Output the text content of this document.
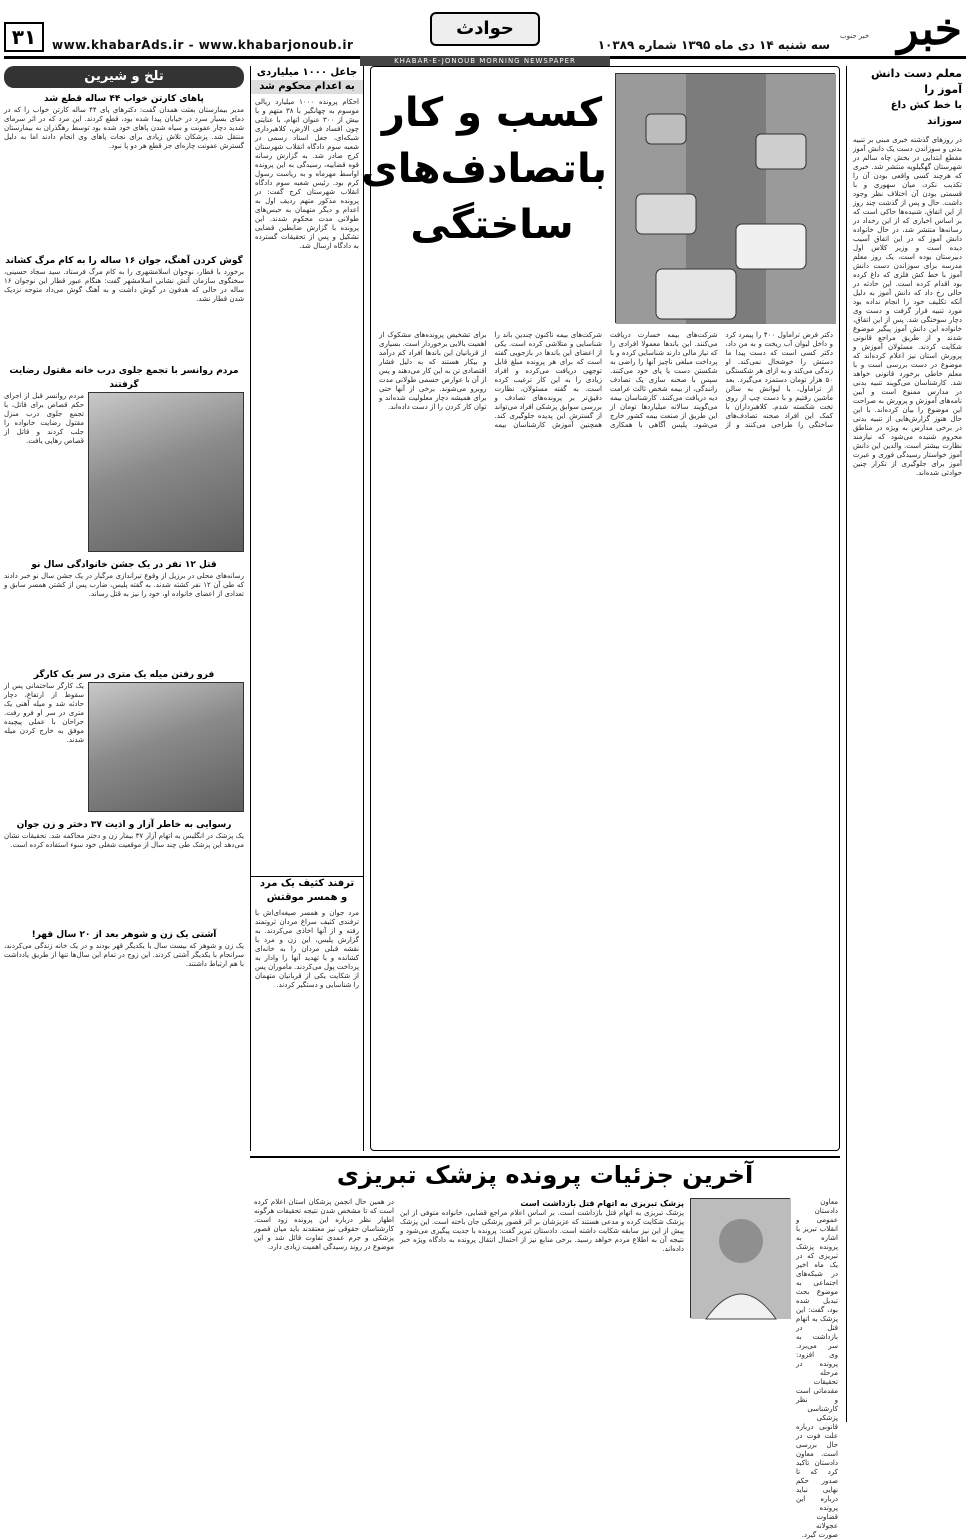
خبر
خبر جنوب
سه شنبه ۱۴ دی ماه ۱۳۹۵ شماره ۱۰۳۸۹
حوادث
www.khabarAds.ir - www.khabarjonoub.ir
۳۱
KHABAR-E-JONOUB MORNING NEWSPAPER
معلم دست دانش آموز را
با خط کش داغ
سوزاند
در روزهای گذشته خبری مبنی بر تنبیه بدنی و سوزاندن دست یک دانش آموز مقطع ابتدایی در بخش چاه سالم در شهرستان گهگیلویه منتشر شد. خبری که هرچند کسی واقعی بودن آن را تکذیب نکرد، میان سهوری و با قسمتی بودن آن اختلاف نظر وجود داشت. حال و پس از گذشت چند روز از این اتفاق، شنیده‌ها حاکی است که بر اساس اخباری که از این رخداد در رسانه‌ها منتشر شد، در حال خانواده دانش آموز که در این اتفاق آسیب دیده است و وزیر کلاس اول دبیرستان بوده است، یک روز معلم مدرسه برای سوزاندن دست دانش آموز با خط کش فلزی که داغ کرده بود اقدام کرده است. این حادثه در حالی رخ داد که دانش آموز به دلیل آنکه تکلیف خود را انجام نداده بود مورد تنبیه قرار گرفت و دست وی دچار سوختگی شد. پس از این اتفاق، خانواده این دانش آموز پیگیر موضوع شدند و از طریق مراجع قانونی شکایت کردند. مسئولان آموزش و پرورش استان نیز اعلام کرده‌اند که موضوع در دست بررسی است و با معلم خاطی برخورد قانونی خواهد شد. کارشناسان می‌گویند تنبیه بدنی در مدارس ممنوع است و آیین نامه‌های آموزش و پرورش به صراحت این موضوع را بیان کرده‌اند. با این حال هنوز گزارش‌هایی از تنبیه بدنی در برخی مدارس به ویژه در مناطق محروم شنیده می‌شود که نیازمند نظارت بیشتر است. والدین این دانش آموز خواستار رسیدگی فوری و عبرت آموز برای جلوگیری از تکرار چنین حوادثی شده‌اند.
کسب و کار
باتصادف‌های
ساختگی
دکتر فرض تراماول ۴۰۰ را پیمرد کرد و داخل لیوان آب ریخت و به من داد، دکتر کسی است که دست پیدا ما دستش را خوشحال نمی‌کند. او زندگی می‌کند و به ازای هر شکستگی ۵۰ هزار تومان دستمزد می‌گیرد. بعد از تراماول، با لیوانش به سالن ماشین رفتیم و با دست چپ از روی تخت شکسته شدم. کلاهبرداران با کمک این افراد صحنه تصادف‌های ساختگی را طراحی می‌کنند و از شرکت‌های بیمه خسارت دریافت می‌کنند. این باندها معمولا افرادی را که نیاز مالی دارند شناسایی کرده و با پرداخت مبلغی ناچیز آنها را راضی به شکستن دست یا پای خود می‌کنند. سپس با صحنه سازی یک تصادف رانندگی، از بیمه شخص ثالث غرامت دیه دریافت می‌کنند. کارشناسان بیمه می‌گویند سالانه میلیاردها تومان از این طریق از صنعت بیمه کشور خارج می‌شود. پلیس آگاهی با همکاری شرکت‌های بیمه تاکنون چندین باند را شناسایی و متلاشی کرده است. یکی از اعضای این باندها در بازجویی گفته است که برای هر پرونده مبلغ قابل توجهی دریافت می‌کرده و افراد زیادی را به این کار ترغیب کرده است. به گفته مسئولان، نظارت دقیق‌تر بر پرونده‌های تصادف و بررسی سوابق پزشکی افراد می‌تواند از گسترش این پدیده جلوگیری کند. همچنین آموزش کارشناسان بیمه برای تشخیص پرونده‌های مشکوک از اهمیت بالایی برخوردار است. بسیاری از قربانیان این باندها افراد کم درآمد و بیکار هستند که به دلیل فشار اقتصادی تن به این کار می‌دهند و پس از آن با عوارض جسمی طولانی مدت روبرو می‌شوند. برخی از آنها حتی برای همیشه دچار معلولیت شده‌اند و توان کار کردن را از دست داده‌اند.
جاعل ۱۰۰۰ میلیاردی
به اعدام محکوم شد
احکام پرونده ۱۰۰۰ میلیارد ریالی موسوم به چهانگیر با ۳۸ متهم و با بیش از ۳۰۰ عنوان اتهام، با عنایتی چون افساد فی الارض، کلاهبرداری شبکه‌ای، جعل اسناد رسمی در شعبه سوم دادگاه انقلاب شهرستان کرج صادر شد. به گزارش رسانه قوه قضاییه، رسیدگی به این پرونده اواسط مهرماه و به ریاست رسول کرم بود. رئیس شعبه سوم دادگاه انقلاب شهرستان کرج گفت: در پرونده مذکور متهم ردیف اول به اعدام و دیگر متهمان به حبس‌های طولانی مدت محکوم شدند. این پرونده با گزارش ضابطین قضایی تشکیل و پس از تحقیقات گسترده به دادگاه ارسال شد.
ترفند کثیف یک مرد
و همسر موقتش
مرد جوان و همسر صیغه‌ای‌اش با ترفندی کثیف سراغ مردان ثروتمند رفته و از آنها اخاذی می‌کردند. به گزارش پلیس، این زن و مرد با نقشه قبلی مردان را به خانه‌ای کشانده و با تهدید آنها را وادار به پرداخت پول می‌کردند. ماموران پس از شکایت یکی از قربانیان متهمان را شناسایی و دستگیر کردند.
تلخ و شیرین
پاهای کارتن خواب ۴۴ ساله قطع شد
مدیر بیمارستان بعثت همدان گفت: دکترهای پای ۴۴ ساله کارتن خواب را که در دمای بسیار سرد در خیابان پیدا شده بود، قطع کردند. این مرد که در اثر سرمای شدید دچار عفونت و سیاه شدن پاهای خود شده بود توسط رهگذران به بیمارستان منتقل شد. پزشکان تلاش زیادی برای نجات پاهای وی انجام دادند اما به دلیل گسترش عفونت چاره‌ای جز قطع هر دو پا نبود.
گوش کردن آهنگ، جوان ۱۶ ساله را به کام مرگ کشاند
برخورد با قطار، نوجوان اسلامشهری را به کام مرگ فرستاد. سید سجاد حسینی، سخنگوی سازمان آتش نشانی اسلامشهر گفت: هنگام عبور قطار این نوجوان ۱۶ ساله در حالی که هدفون در گوش داشت و به آهنگ گوش می‌داد متوجه نزدیک شدن قطار نشد.
مردم روانسر با تجمع جلوی درب خانه مقتول رضایت گرفتند
مردم روانسر قبل از اجرای حکم قصاص برای قاتل، با تجمع جلوی درب منزل مقتول رضایت خانواده را جلب کردند و قاتل از قصاص رهایی یافت.
قتل ۱۲ نفر در یک جشن خانوادگی سال نو
رسانه‌های محلی در برزیل از وقوع تیراندازی مرگبار در یک جشن سال نو خبر دادند که طی آن ۱۲ نفر کشته شدند. به گفته پلیس، ضارب پس از کشتن همسر سابق و تعدادی از اعضای خانواده او، خود را نیز به قتل رساند.
فرو رفتن میله یک متری در سر یک کارگر
یک کارگر ساختمانی پس از سقوط از ارتفاع، دچار حادثه شد و میله آهنی یک متری در سر او فرو رفت. جراحان با عملی پیچیده موفق به خارج کردن میله شدند.
رسوایی به خاطر آزار و اذیت ۳۷ دختر و زن جوان
یک پزشک در انگلیس به اتهام آزار ۳۷ بیمار زن و دختر محاکمه شد. تحقیقات نشان می‌دهد این پزشک طی چند سال از موقعیت شغلی خود سوء استفاده کرده است.
آشتی یک زن و شوهر بعد از ۲۰ سال قهر!
یک زن و شوهر که بیست سال با یکدیگر قهر بودند و در یک خانه زندگی می‌کردند، سرانجام با یکدیگر آشتی کردند. این زوج در تمام این سال‌ها تنها از طریق یادداشت با هم ارتباط داشتند.
آخرین جزئیات پرونده پزشک تبریزی
معاون دادستان عمومی و انقلاب تبریز با اشاره به پرونده پزشک تبریزی که در یک ماه اخیر در شبکه‌های اجتماعی به موضوع بحث تبدیل شده بود، گفت: این پزشک به اتهام قتل در بازداشت به سر می‌برد. وی افزود: پرونده در مرحله تحقیقات مقدماتی است و نظر کارشناسی پزشکی قانونی درباره علت فوت در حال بررسی است. معاون دادستان تاکید کرد که تا صدور حکم نهایی نباید درباره این پرونده قضاوت عجولانه صورت گیرد.
پزشک تبریزی به اتهام قتل بازداشت است
پزشک تبریزی به اتهام قتل بازداشت است. بر اساس اعلام مراجع قضایی، خانواده متوفی از این پزشک شکایت کرده و مدعی هستند که عزیزشان بر اثر قصور پزشکی جان باخته است. این پزشک پیش از این نیز سابقه شکایت داشته است. دادستان تبریز گفت: پرونده با جدیت پیگیری می‌شود و نتیجه آن به اطلاع مردم خواهد رسید. برخی منابع نیز از احتمال انتقال پرونده به دادگاه ویژه خبر داده‌اند.
در همین حال انجمن پزشکان استان اعلام کرده است که تا مشخص شدن نتیجه تحقیقات هرگونه اظهار نظر درباره این پرونده زود است. کارشناسان حقوقی نیز معتقدند باید میان قصور پزشکی و جرم عمدی تفاوت قائل شد و این موضوع در روند رسیدگی اهمیت زیادی دارد.
